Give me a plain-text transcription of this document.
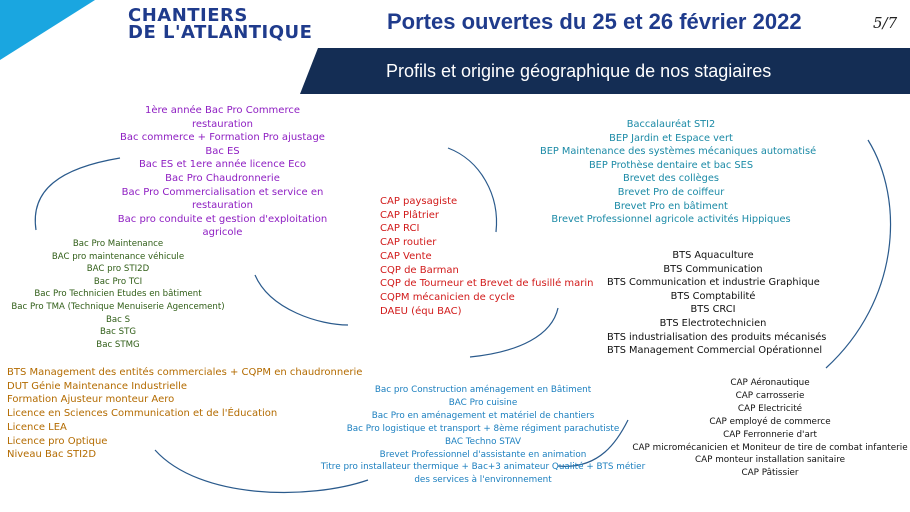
CHANTIERS
DE L'ATLANTIQUE	Portes ouvertes du 25 et 26 février 2022	5/7
Profils et origine géographique de nos stagiaires
1ère année Bac Pro Commerce restauration
Bac commerce + Formation Pro ajustage
Bac ES
Bac ES et 1ere année licence Eco
Bac Pro Chaudronnerie
Bac Pro Commercialisation et service en restauration
Bac pro conduite et gestion d'exploitation agricole
Bac Pro Maintenance
BAC pro maintenance véhicule
BAC pro STI2D
Bac Pro TCI
Bac Pro Technicien Etudes en bâtiment
Bac Pro TMA (Technique Menuiserie Agencement)
Bac S
Bac STG
Bac STMG
CAP paysagiste
CAP Plâtrier
CAP RCI
CAP routier
CAP Vente
CQP de Barman
CQP de Tourneur et Brevet de fusillé marin
CQPM mécanicien de cycle
DAEU (équ BAC)
Baccalauréat STI2
BEP Jardin et Espace vert
BEP Maintenance des systèmes mécaniques automatisé
BEP Prothèse dentaire et bac SES
Brevet des collèges
Brevet Pro de coiffeur
Brevet Pro en bâtiment
Brevet Professionnel agricole activités Hippiques
BTS Aquaculture
BTS Communication
BTS Communication et industrie Graphique
BTS Comptabilité
BTS CRCI
BTS Electrotechnicien
BTS industrialisation des produits mécanisés
BTS Management Commercial Opérationnel
BTS Management des entités commerciales + CQPM en chaudronnerie
DUT Génie Maintenance Industrielle
Formation Ajusteur monteur Aero
Licence en Sciences Communication et de l'Éducation
Licence LEA
Licence pro Optique
Niveau Bac STI2D
Bac pro Construction aménagement en Bâtiment
BAC Pro cuisine
Bac Pro en aménagement et matériel de chantiers
Bac Pro logistique et transport + 8ème régiment parachutiste
BAC Techno STAV
Brevet Professionnel d'assistante en animation
Titre pro installateur thermique + Bac+3 animateur Qualité + BTS métier des services à l'environnement
CAP Aéronautique
CAP carrosserie
CAP Electricité
CAP employé de commerce
CAP Ferronnerie d'art
CAP micromécanicien et Moniteur de tire de combat infanterie
CAP monteur installation sanitaire
CAP Pâtissier
